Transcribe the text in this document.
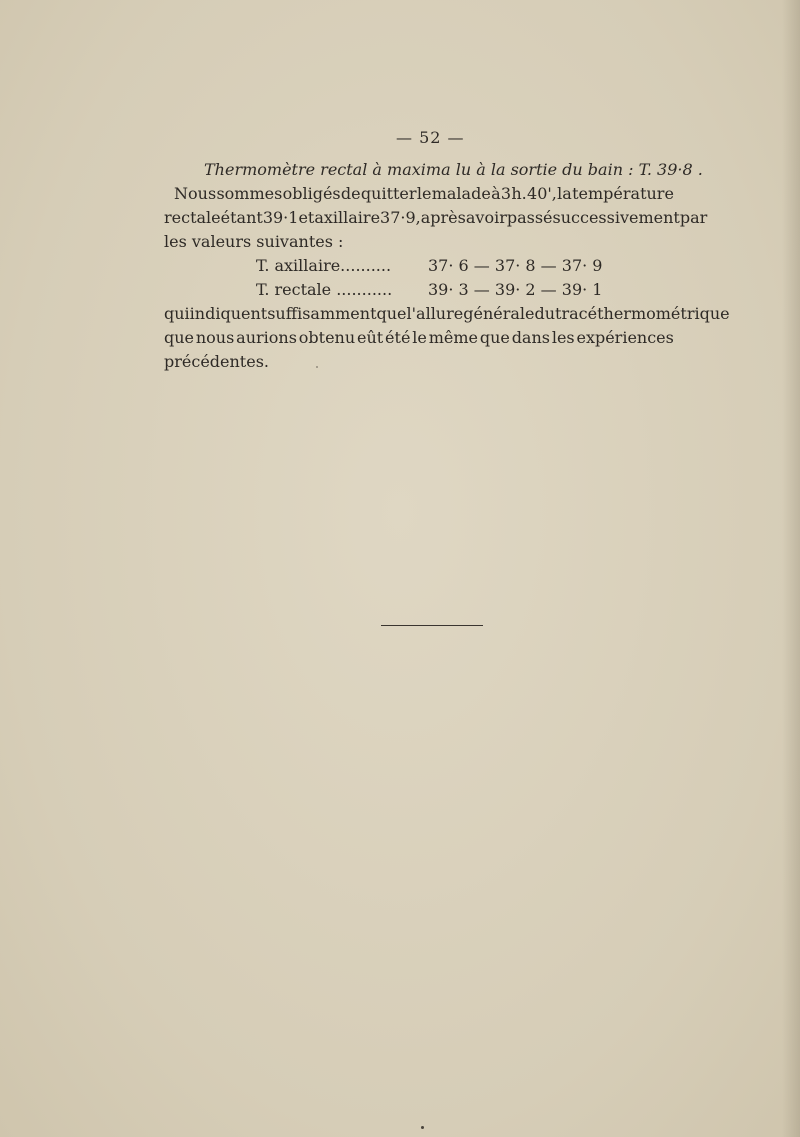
— 52 —
Thermomètre rectal à maxima lu à la sortie du bain : T. 39·8 .
Nous sommes obligés de quitter le malade à 3 h. 40', la température
rectale étant 39·1 et axillaire 37·9, après avoir passé successivement par
les valeurs suivantes :
T. axillaire..........	37· 6 — 37· 8 — 37· 9
T. rectale ...........	39· 3 — 39· 2 — 39· 1
qui indiquent suffisamment que l'allure générale du tracé thermométrique
que nous aurions obtenu eût été le même que dans les expériences
précédentes.
